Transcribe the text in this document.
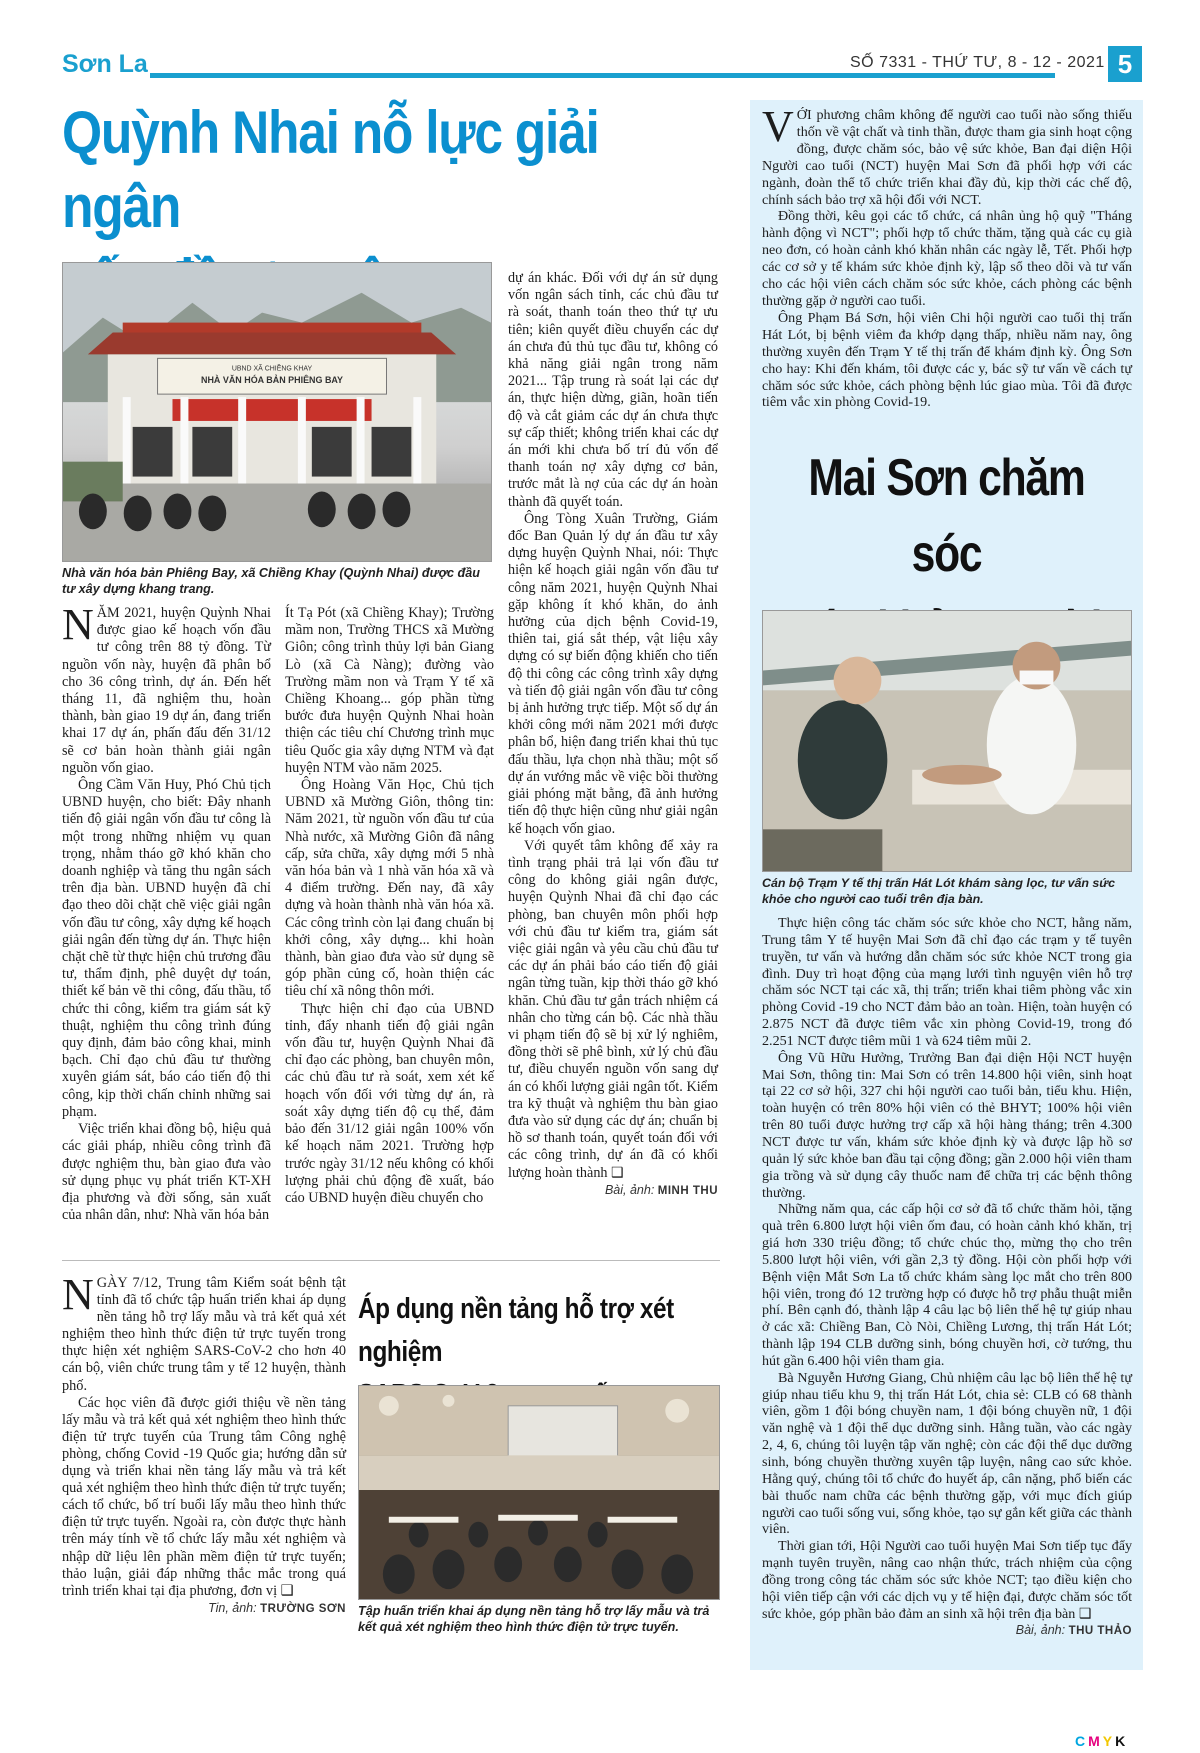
Sơn La	SỐ 7331 - THỨ TƯ, 8 - 12 - 2021 5
Quỳnh Nhai nỗ lực giải ngân
UBND XÃ CHIỀNG KHAY
NHÀ VĂN HÓA BẢN PHIÊNG BAY
Nhà văn hóa bản Phiêng Bay, xã Chiềng Khay (Quỳnh Nhai) được đầu tư xây dựng khang trang.

NĂM 2021, huyện Quỳnh Nhai được giao kế hoạch vốn đầu tư công trên 88 tỷ đồng. Từ nguồn vốn này, huyện đã phân bổ cho 36 công trình, dự án. Đến hết tháng 11, đã nghiệm thu, hoàn thành, bàn giao 19 dự án, đang triển khai 17 dự án, phấn đấu đến 31/12 sẽ cơ bản hoàn thành giải ngân nguồn vốn giao.

Ông Cầm Văn Huy, Phó Chủ tịch UBND huyện, cho biết: Đây nhanh tiến độ giải ngân vốn đầu tư công là một trong những nhiệm vụ quan trọng, nhằm tháo gỡ khó khăn cho doanh nghiệp và tăng thu ngân sách trên địa bàn. UBND huyện đã chỉ đạo theo dõi chặt chẽ việc giải ngân vốn đầu tư công, xây dựng kế hoạch giải ngân đến từng dự án. Thực hiện chặt chẽ từ thực hiện chủ trương đầu tư, thẩm định, phê duyệt dự toán, thiết kế bản vẽ thi công, đấu thầu, tổ chức thi công, kiểm tra giám sát kỹ thuật, nghiệm thu công trình đúng quy định, đảm bảo công khai, minh bạch. Chỉ đạo chủ đầu tư thường xuyên giám sát, báo cáo tiến độ thi công, kịp thời chấn chỉnh những sai phạm.

Việc triển khai đồng bộ, hiệu quả các giải pháp, nhiều công trình đã được nghiệm thu, bàn giao đưa vào sử dụng phục vụ phát triển KT-XH địa phương và đời sống, sản xuất của nhân dân, như: Nhà văn hóa bản

Ít Tạ Pót (xã Chiềng Khay); Trường mầm non, Trường THCS xã Mường Giôn; công trình thủy lợi bản Giang Lò (xã Cà Nàng); đường vào Trường mầm non và Trạm Y tế xã Chiềng Khoang... góp phần từng bước đưa huyện Quỳnh Nhai hoàn thiện các tiêu chí Chương trình mục tiêu Quốc gia xây dựng NTM và đạt huyện NTM vào năm 2025.

Ông Hoàng Văn Học, Chủ tịch UBND xã Mường Giôn, thông tin: Năm 2021, từ nguồn vốn đầu tư của Nhà nước, xã Mường Giôn đã nâng cấp, sửa chữa, xây dựng mới 5 nhà văn hóa bản và 1 nhà văn hóa xã và 4 điểm trường. Đến nay, đã xây dựng và hoàn thành nhà văn hóa xã. Các công trình còn lại đang chuẩn bị khởi công, xây dựng... khi hoàn thành, bàn giao đưa vào sử dụng sẽ góp phần củng cố, hoàn thiện các tiêu chí xã nông thôn mới.

Thực hiện chỉ đạo của UBND tỉnh, đẩy nhanh tiến độ giải ngân vốn đầu tư, huyện Quỳnh Nhai đã chỉ đạo các phòng, ban chuyên môn, các chủ đầu tư rà soát, xem xét kế hoạch vốn đối với từng dự án, rà soát xây dựng tiến độ cụ thể, đảm bảo đến 31/12 giải ngân 100% vốn kế hoạch năm 2021. Trường hợp trước ngày 31/12 nếu không có khối lượng phải chủ động đề xuất, báo cáo UBND huyện điều chuyển cho

dự án khác. Đối với dự án sử dụng vốn ngân sách tỉnh, các chủ đầu tư rà soát, thanh toán theo thứ tự ưu tiên; kiên quyết điều chuyển các dự án chưa đủ thủ tục đầu tư, không có khả năng giải ngân trong năm 2021... Tập trung rà soát lại các dự án, thực hiện dừng, giãn, hoãn tiến độ và cắt giảm các dự án chưa thực sự cấp thiết; không triển khai các dự án mới khi chưa bố trí đủ vốn để thanh toán nợ xây dựng cơ bản, trước mắt là nợ của các dự án hoàn thành đã quyết toán.

Ông Tòng Xuân Trường, Giám đốc Ban Quản lý dự án đầu tư xây dựng huyện Quỳnh Nhai, nói: Thực hiện kế hoạch giải ngân vốn đầu tư công năm 2021, huyện Quỳnh Nhai gặp không ít khó khăn, do ảnh hưởng của dịch bệnh Covid-19, thiên tai, giá sắt thép, vật liệu xây dựng có sự biến động khiến cho tiến độ thi công các công trình xây dựng và tiến độ giải ngân vốn đầu tư công bị ảnh hưởng trực tiếp. Một số dự án khởi công mới năm 2021 mới được phân bổ, hiện đang triển khai thủ tục đấu thầu, lựa chọn nhà thầu; một số dự án vướng mắc về việc bồi thường giải phóng mặt bằng, đã ảnh hưởng tiến độ thực hiện cũng như giải ngân kế hoạch vốn giao.

Với quyết tâm không để xảy ra tình trạng phải trả lại vốn đầu tư công do không giải ngân được, huyện Quỳnh Nhai đã chỉ đạo các phòng, ban chuyên môn phối hợp với chủ đầu tư kiểm tra, giám sát việc giải ngân và yêu cầu chủ đầu tư các dự án phải báo cáo tiến độ giải ngân từng tuần, kịp thời tháo gỡ khó khăn. Chủ đầu tư gắn trách nhiệm cá nhân cho từng cán bộ. Các nhà thầu vi phạm tiến độ sẽ bị xử lý nghiêm, đồng thời sẽ phê bình, xử lý chủ đầu tư, điều chuyển nguồn vốn sang dự án có khối lượng giải ngân tốt. Kiểm tra kỹ thuật và nghiệm thu bàn giao đưa vào sử dụng các dự án; chuẩn bị hồ sơ thanh toán, quyết toán đối với các công trình, dự án đã có khối lượng hoàn thành ❑

Bài, ảnh: MINH THU

NGÀY 7/12, Trung tâm Kiểm soát bệnh tật tỉnh đã tổ chức tập huấn triển khai áp dụng nền tảng hỗ trợ lấy mẫu và trả kết quả xét nghiệm theo hình thức điện tử trực tuyến trong thực hiện xét nghiệm SARS-CoV-2 cho hơn 40 cán bộ, viên chức trung tâm y tế 12 huyện, thành phố.

Các học viên đã được giới thiệu về nền tảng lấy mẫu và trả kết quả xét nghiệm theo hình thức điện tử trực tuyến của Trung tâm Công nghệ phòng, chống Covid -19 Quốc gia; hướng dẫn sử dụng và triển khai nền tảng lấy mẫu và trả kết quả xét nghiệm theo hình thức điện tử trực tuyến; cách tổ chức, bố trí buổi lấy mẫu theo hình thức điện tử trực tuyến. Ngoài ra, còn được thực hành trên máy tính về tổ chức lấy mẫu xét nghiệm và nhập dữ liệu lên phần mềm điện tử trực tuyến; thảo luận, giải đáp những thắc mắc trong quá trình triển khai tại địa phương, đơn vị ❑

Tin, ảnh: TRƯỜNG SƠN
Áp dụng nền tảng hỗ trợ xét nghiệm
Tập huấn triển khai áp dụng nền tảng hỗ trợ lấy mẫu và trả kết quả xét nghiệm theo hình thức điện tử trực tuyến.

VỚI phương châm không để người cao tuổi nào sống thiếu thốn về vật chất và tinh thần, được tham gia sinh hoạt cộng đồng, được chăm sóc, bảo vệ sức khỏe, Ban đại diện Hội Người cao tuổi (NCT) huyện Mai Sơn đã phối hợp với các ngành, đoàn thể tổ chức triển khai đầy đủ, kịp thời các chế độ, chính sách bảo trợ xã hội đối với NCT.

Đồng thời, kêu gọi các tổ chức, cá nhân ủng hộ quỹ "Tháng hành động vì NCT"; phối hợp tổ chức thăm, tặng quà các cụ già neo đơn, có hoàn cảnh khó khăn nhân các ngày lễ, Tết. Phối hợp các cơ sở y tế khám sức khỏe định kỳ, lập sổ theo dõi và tư vấn cho các hội viên cách chăm sóc sức khỏe, cách phòng các bệnh thường gặp ở người cao tuổi.

Ông Phạm Bá Sơn, hội viên Chi hội người cao tuổi thị trấn Hát Lót, bị bệnh viêm đa khớp dạng thấp, nhiều năm nay, ông thường xuyên đến Trạm Y tế thị trấn để khám định kỳ. Ông Sơn cho hay: Khi đến khám, tôi được các y, bác sỹ tư vấn về cách tự chăm sóc sức khỏe, cách phòng bệnh lúc giao mùa. Tôi đã được tiêm vắc xin phòng Covid-19.

Mai Sơn chăm sóc
Cán bộ Trạm Y tế thị trấn Hát Lót khám sàng lọc, tư vấn sức khỏe cho người cao tuổi trên địa bàn.

Thực hiện công tác chăm sóc sức khỏe cho NCT, hằng năm, Trung tâm Y tế huyện Mai Sơn đã chỉ đạo các trạm y tế tuyên truyền, tư vấn và hướng dẫn chăm sóc sức khỏe NCT trong gia đình. Duy trì hoạt động của mạng lưới tình nguyện viên hỗ trợ chăm sóc NCT tại các xã, thị trấn; triển khai tiêm phòng vắc xin phòng Covid -19 cho NCT đảm bảo an toàn. Hiện, toàn huyện có 2.875 NCT đã được tiêm vắc xin phòng Covid-19, trong đó 2.251 NCT được tiêm mũi 1 và 624 tiêm mũi 2.

Ông Vũ Hữu Hưởng, Trưởng Ban đại diện Hội NCT huyện Mai Sơn, thông tin: Mai Sơn có trên 14.800 hội viên, sinh hoạt tại 22 cơ sở hội, 327 chi hội người cao tuổi bản, tiểu khu. Hiện, toàn huyện có trên 80% hội viên có thẻ BHYT; 100% hội viên trên 80 tuổi được hưởng trợ cấp xã hội hàng tháng; trên 4.300 NCT được tư vấn, khám sức khỏe định kỳ và được lập hồ sơ quản lý sức khỏe ban đầu tại cộng đồng; gần 2.000 hội viên tham gia trồng và sử dụng cây thuốc nam để chữa trị các bệnh thông thường.

Những năm qua, các cấp hội cơ sở đã tổ chức thăm hỏi, tặng quà trên 6.800 lượt hội viên ốm đau, có hoàn cảnh khó khăn, trị giá hơn 330 triệu đồng; tổ chức chúc thọ, mừng thọ cho trên 5.800 lượt hội viên, với gần 2,3 tỷ đồng. Hội còn phối hợp với Bệnh viện Mắt Sơn La tổ chức khám sàng lọc mắt cho trên 800 hội viên, trong đó 12 trường hợp có được hỗ trợ phẫu thuật miễn phí. Bên cạnh đó, thành lập 4 câu lạc bộ liên thế hệ tự giúp nhau ở các xã: Chiềng Ban, Cò Nòi, Chiềng Lương, thị trấn Hát Lót; thành lập 194 CLB dưỡng sinh, bóng chuyền hơi, cờ tướng, thu hút gần 6.400 hội viên tham gia.

Bà Nguyễn Hương Giang, Chủ nhiệm câu lạc bộ liên thế hệ tự giúp nhau tiểu khu 9, thị trấn Hát Lót, chia sẻ: CLB có 68 thành viên, gồm 1 đội bóng chuyền nam, 1 đội bóng chuyền nữ, 1 đội văn nghệ và 1 đội thể dục dưỡng sinh. Hằng tuần, vào các ngày 2, 4, 6, chúng tôi luyện tập văn nghệ; còn các đội thể dục dưỡng sinh, bóng chuyền thường xuyên tập luyện, nâng cao sức khỏe. Hằng quý, chúng tôi tổ chức đo huyết áp, cân nặng, phổ biến các bài thuốc nam chữa các bệnh thường gặp, với mục đích giúp người cao tuổi sống vui, sống khỏe, tạo sự gắn kết giữa các thành viên.

Thời gian tới, Hội Người cao tuổi huyện Mai Sơn tiếp tục đẩy mạnh tuyên truyền, nâng cao nhận thức, trách nhiệm của cộng đồng trong công tác chăm sóc sức khỏe NCT; tạo điều kiện cho hội viên tiếp cận với các dịch vụ y tế hiện đại, được chăm sóc tốt sức khỏe, góp phần bảo đảm an sinh xã hội trên địa bàn ❑

Bài, ảnh: THU THẢO
CMYK
